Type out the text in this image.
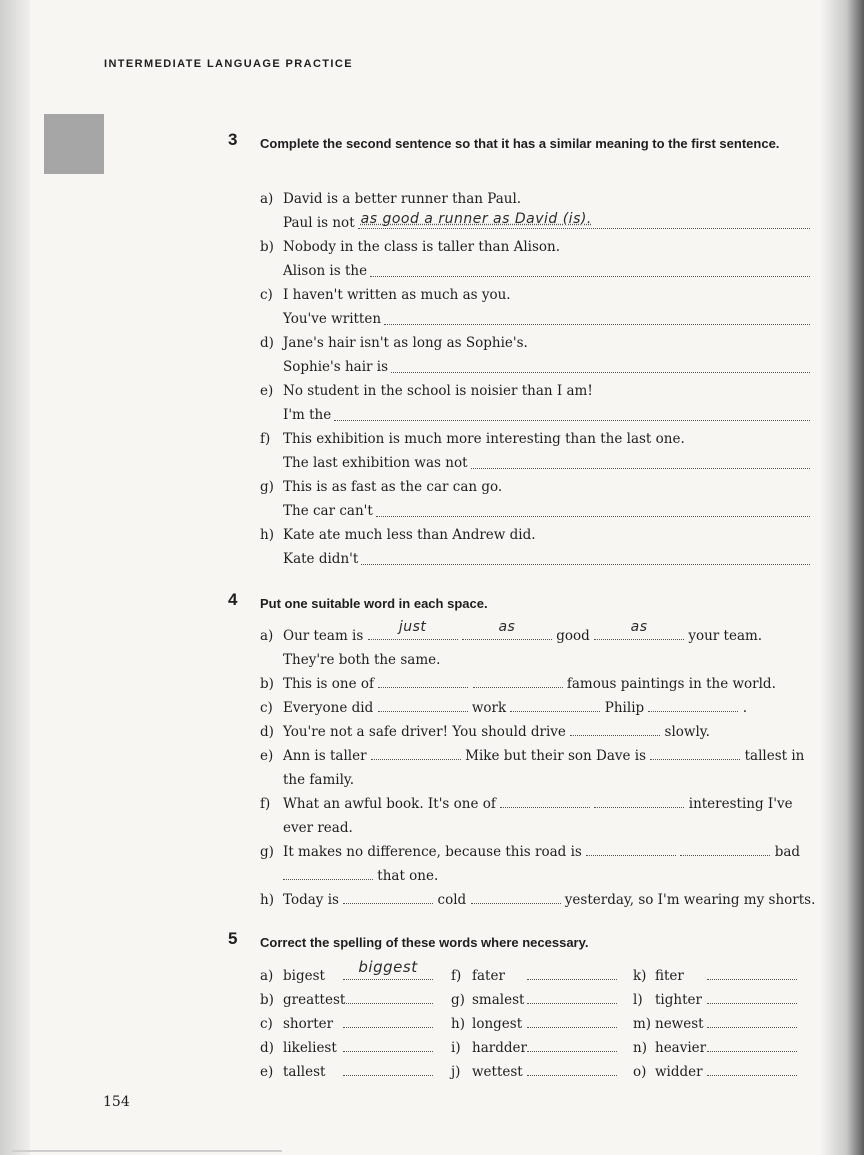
INTERMEDIATE LANGUAGE PRACTICE
3 Complete the second sentence so that it has a similar meaning to the first sentence.
a) David is a better runner than Paul.
Paul is not as good a runner as David (is).
b) Nobody in the class is taller than Alison.
Alison is the
c) I haven't written as much as you.
You've written
d) Jane's hair isn't as long as Sophie's.
Sophie's hair is
e) No student in the school is noisier than I am!
I'm the
f) This exhibition is much more interesting than the last one.
The last exhibition was not
g) This is as fast as the car can go.
The car can't
h) Kate ate much less than Andrew did.
Kate didn't
4 Put one suitable word in each space.
a) Our team is
just
	as
good
as
your team.
They're both the same.
b) This is one of	famous paintings in the world.
c) Everyone did	work	Philip	.
d) You're not a safe driver! You should drive	slowly.
e) Ann is taller	Mike but their son Dave is	tallest in
the family.
f) What an awful book. It's one of	interesting I've
ever read.
g) It makes no difference, because this road is	bad
that one.
h) Today is	cold	yesterday, so I'm wearing my shorts.
5 Correct the spelling of these words where necessary.
a) bigest biggest
b) greattest
c) shorter
d) likeliest
e) tallest
f) fater
g) smalest
h) longest
i) hardder
j) wettest
k) fiter
l) tighter
m) newest
n) heavier
o) widder
154
